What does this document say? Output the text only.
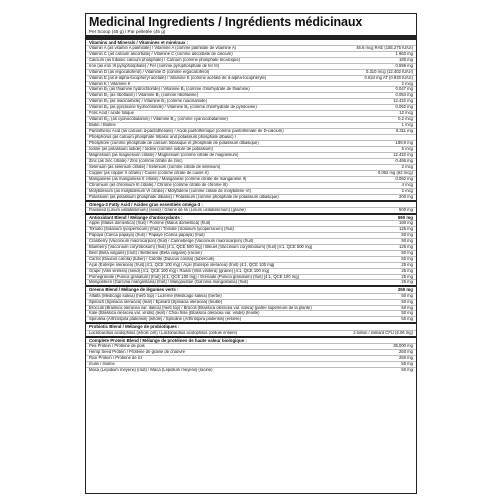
Medicinal Ingredients / Ingrédients médicinaux
Per Scoop (45 g) / Par pelletée (45 g)
Vitamins and Minerals / Vitamines et minéraux :
Vitamin A (as vitamin A palmitate) / Vitamine A (comme palmitate de vitamine A)	46.6 mcg RAE (155.275 IU/UI)
Vitamin C (as calcium ascorbate) / Vitamine C (comme ascorbate de calcium)	1 863 mg
Calcium (as tribasic calcium phosphate) / Calcium (comme phosphate tricalcique)	180 mg
Iron (as iron III pyrophosphate) / Fer (comme pyrophosphate de fer III)	0.559 mg
Vitamin D (as ergocalciferol) / Vitamine D (comme ergocalciférol)	0.310 mcg (12.402 IU/UI)
Vitamin E (as d-alpha-tocopheryl acetate) / Vitamine E (comme acétate de d-alpha-tocophéryle)	0.624 mg AT (0.930 IU/UI)
Vitamin K / Vitamine K	2 mcg
Vitamin B₁ (as thiamine hydrochloride) / Vitamine B₁ (comme chlorhydrate de thiamine)	0.047 mg
Vitamin B₂ (as riboflavin) / Vitamine B₂ (comme riboflavine)	0.054 mg
Vitamin B₃ (as niacinamide) / Vitamine B₃ (comme niacinamide)	12.422 mg
Vitamin B₆ (as pyridoxine hydrochloride) / Vitamine B₆ (comme chlorhydrate de pyridoxine)	0.062 mg
Folic Acid / acide folique	12 mcg
Vitamin B₁₂ (as cyanocobalamin) / Vitamine B₁₂ (comme cyanocobalamine)	0.2 mcg
Biotin / Biotine	1 mcg
Pantothenic Acid (as calcium d-pantothenate) / Acide pantothénique (comme pantothénate de D-calcium)	0.311 mg
Phosphorus (as calcium phosphate tribasic and potassium phosphate dibasic) /
Phosphore (comme phosphate de calcium tribasique et phosphate de potassium dibasique)	189.9 mg
Iodine (as potassium iodide) / Iodine (comme iodure de potassium)	5 mcg
Magnesium (as magnesium citrate) / Magnésium (comme citrate de magnésium)	12.422 mg
Zinc (as zinc citrate) / Zinc (comme citrate de zinc)	0.466 mg
Selenium (as selenium citrate) / Sélénium (comme citrate de sélénium)	2 mcg
Copper (as copper II citrate) / Cuivre (comme citrate de cuivre II)	0.062 mg (62 mcg)
Manganese (as manganese II citrate) / Manganèse (comme citrate de manganèse II)	0.062 mg
Chromium (as chromium III citrate) / Chrome (comme citrate de chrome III)	4 mcg
Molybdenum (as molybdenum VI citrate) / Molybdène (comme citrate de molybdène VI)	2 mcg
Potassium (as potassium phosphate dibasic) / Potassium (comme phosphate de potassium dibasique)	200 mg
Omega-3 Fatty Acid / Acides gras essentiels oméga-3 :
Flaxseed (Linum usitatissimum) (seed) / Graine de lin (Linum usitatissimum) (graine)	500 mg
Antioxidant Blend / Mélange d'antioxydants :	590 mg
Apple (Malus domestica) (fruit) / Pomme (Malus domestica) (fruit)	180 mg
Tomato (Solanum lycopersicum) (fruit) / Tomate (Solanum lycopersicum) (fruit)	125 mg
Papaya (Carica papaya) (fruit) / Papaye (Carica papaya) (fruit)	50 mg
Cranberry (Vaccinium macrocarpon) (fruit) / Canneberge (Vaccinium macrocarpon) (fruit)	50 mg
Blueberry (Vaccinium corymbosum) (fruit) [4:1, QCE 500 mg] / Bleuet (Vaccinium corymbosum) (fruit) [4:1, QCE 500 mg]	125 mg
Beet (Beta vulgaris) (root) / Betterave (Beta vulgaris) (racine)	50 mg
Carrot (Daucus carota) (tuber) / Carotte (Daucus carota) (tubercule)	50 mg
Açaí (Euterpe oleracea) (fruit) [4:1, QCE 100 mg] / Açaí (Euterpe oleracea) (fruit) [4:1, QCE 100 mg]	25 mg
Grape (Vitis vinifera) (seed) [4:1, QCE 100 mg] / Raisin (Vitis vinifera) (graine) [4:1, QCE 100 mg]	25 mg
Pomegranate (Punica granatum) (fruit) [4:1, QCE 100 mg] / Grenade (Punica granatum) (fruit) [4:1, QCE 100 mg]	25 mg
Mangosteen (Garcinia mangostana) (fruit) / Mangoustan (Garcinia mangostana) (fruit)	25 mg
Greens Blend / Mélange de légumes verts :	250 mg
Alfalfa (Medicago sativa) (herb top) / Luzerne (Medicago sativa) (herbe)	50 mg
Spinach (Spinacia oleracea) (leaf) / Épinard (Spinacia oleracea) (feuille)	50 mg
Broccoli (Brassica oleracea var. italica) (herb top) / Brocoli (Brassica oleracea var. italica) (partie supérieure de la plante)	50 mg
Kale (Brassica oleracea var. viridis) (leaf) / Chou frisé (Brassica oleracea var. viridis) (feuille)	50 mg
Spirulina (Arthrospira platensis) (whole) / Spiruline (Arthrospira platensis) (entière)	50 mg
Probiotic Blend / Mélange de probiotiques :
Lactobacillus acidophilus (whole cell) / Lactobacillus acidophilus (cellule entière)	2 billion / milliard CFU (6.06 mg)
Complete Protein Blend / Mélange de protéines de haute valeur biologique :
Pea Protein / Protéine de pois	35,000 mg
Hemp Seed Protein / Protéine de graine de chanvre	250 mg
Rice Protein / Protéine de riz	250 mg
Inulin / Inuline	50 mg
Maca (Lepidium meyenii) (root) / Maca (Lepidium meyenii) (racine)	50 mg
